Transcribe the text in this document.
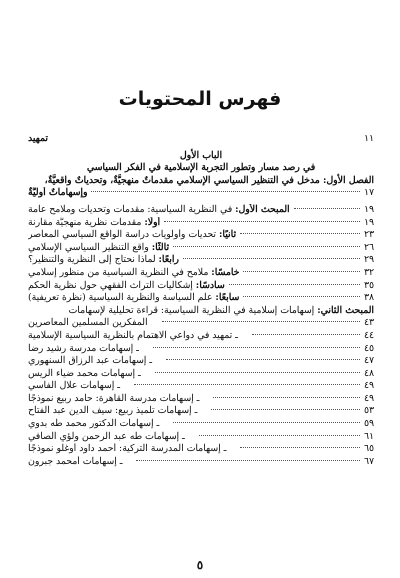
فهرس المحتويات
تمهيد	١١
الباب الأول
في رصد مسار وتطور التجربة الإسلامية في الفكر السياسي
الفصل الأول: مدخل في التنظير السياسي الإسلامي مقدماتٌ منهجيَّةٌ، وتحدياتٌ واقعيَّةٌ،
وإسهاماتٌ أوليَّةٌ	١٧
المبحث الأول: في النظرية السياسية: مقدمات وتحديات وملامح عامة	١٩
أولًا: مقدمات نظرية منهجيَّة مقارنة	١٩
ثانيًا: تحديات وأولويات دراسة الواقع السياسي المعاصر	٢٣
ثالثًا: واقع التنظير السياسي الإسلامي	٢٦
رابعًا: لماذا نحتاج إلى النظرية والتنظير؟	٢٩
خامسًا: ملامح في النظرية السياسية من منظور إسلامي	٣٢
سادسًا: إشكاليات التراث الفقهي حول نظرية الحكم	٣٥
سابعًا: علم السياسة والنظرية السياسية (نظرة تعريفية)	٣٨
المبحث الثاني: إسهامات إسلامية في النظرية السياسية: قراءة تحليلية لإسهامات
المفكرين المسلمين المعاصرين	٤٣
ـ تمهيد في دواعي الاهتمام بالنظرية السياسية الإسلامية	٤٤
ـ إسهامات مدرسة رشيد رضا	٤٥
ـ إسهامات عبد الرزاق السنهوري	٤٧
ـ إسهامات محمد ضياء الريس	٤٨
ـ إسهامات علال الفاسي	٤٩
ـ إسهامات مدرسة القاهرة: حامد ربيع نموذجًا	٤٩
ـ إسهامات تلميذ ربيع: سيف الدين عبد الفتاح	٥٣
ـ إسهامات الدكتور محمد طه بدوي	٥٩
ـ إسهامات طه عبد الرحمن ولؤي الصافي	٦١
ـ إسهامات المدرسة التركية: أحمد داود أوغلو نموذجًا	٦٥
ـ إسهامات أمحمد جبرون	٦٧
٥
